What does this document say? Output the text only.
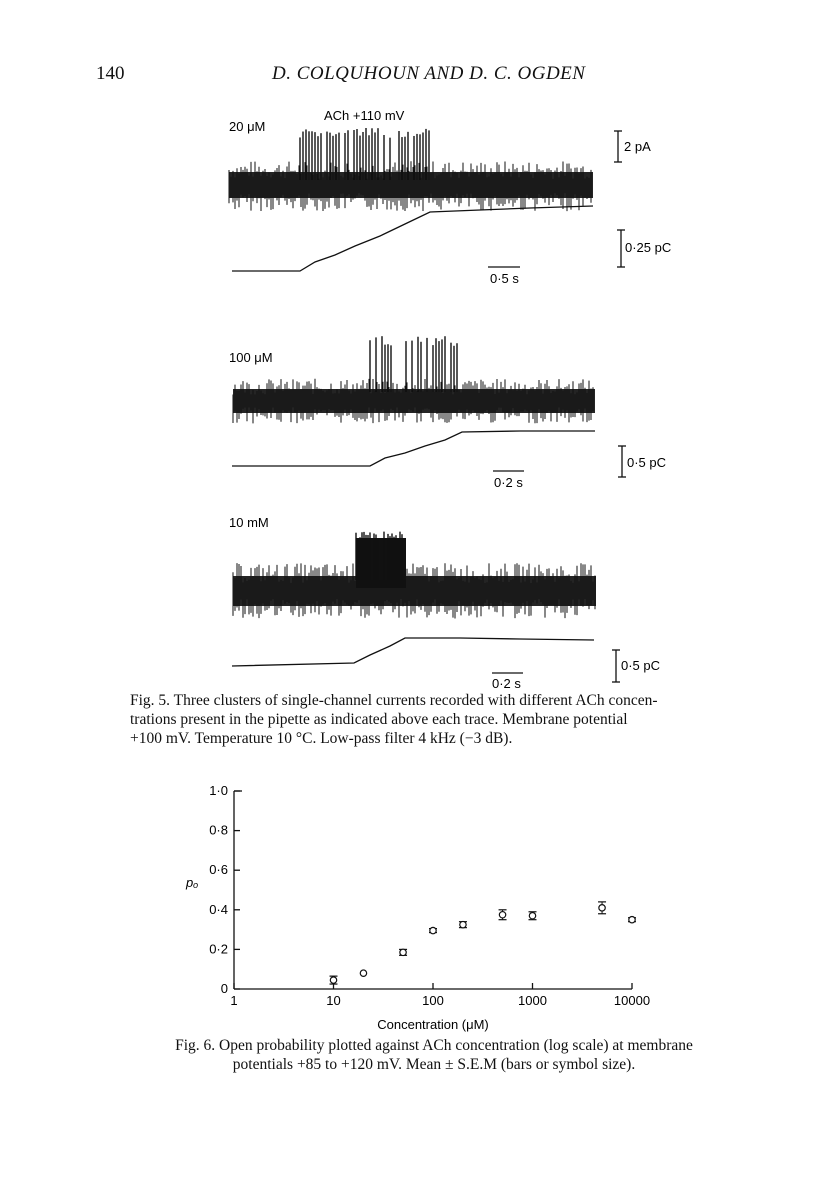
140	D. COLQUHOUN AND D. C. OGDEN
20 μM
ACh +110 mV
2 pA
0·25 pC
0·5 s
100 μM
0·5 pC
0·2 s
10 mM
0·5 pC
0·2 s
Fig. 5. Three clusters of single-channel currents recorded with different ACh concen-
trations present in the pipette as indicated above each trace. Membrane potential
+100 mV. Temperature 10 °C. Low-pass filter 4 kHz (−3 dB).
0
0·2
0·4
0·6
0·8
1·0
1	10	100	1000	10000
Concentration (μM)
pₒ
Fig. 6. Open probability plotted against ACh concentration (log scale) at membrane
potentials +85 to +120 mV. Mean ± S.E.M (bars or symbol size).
